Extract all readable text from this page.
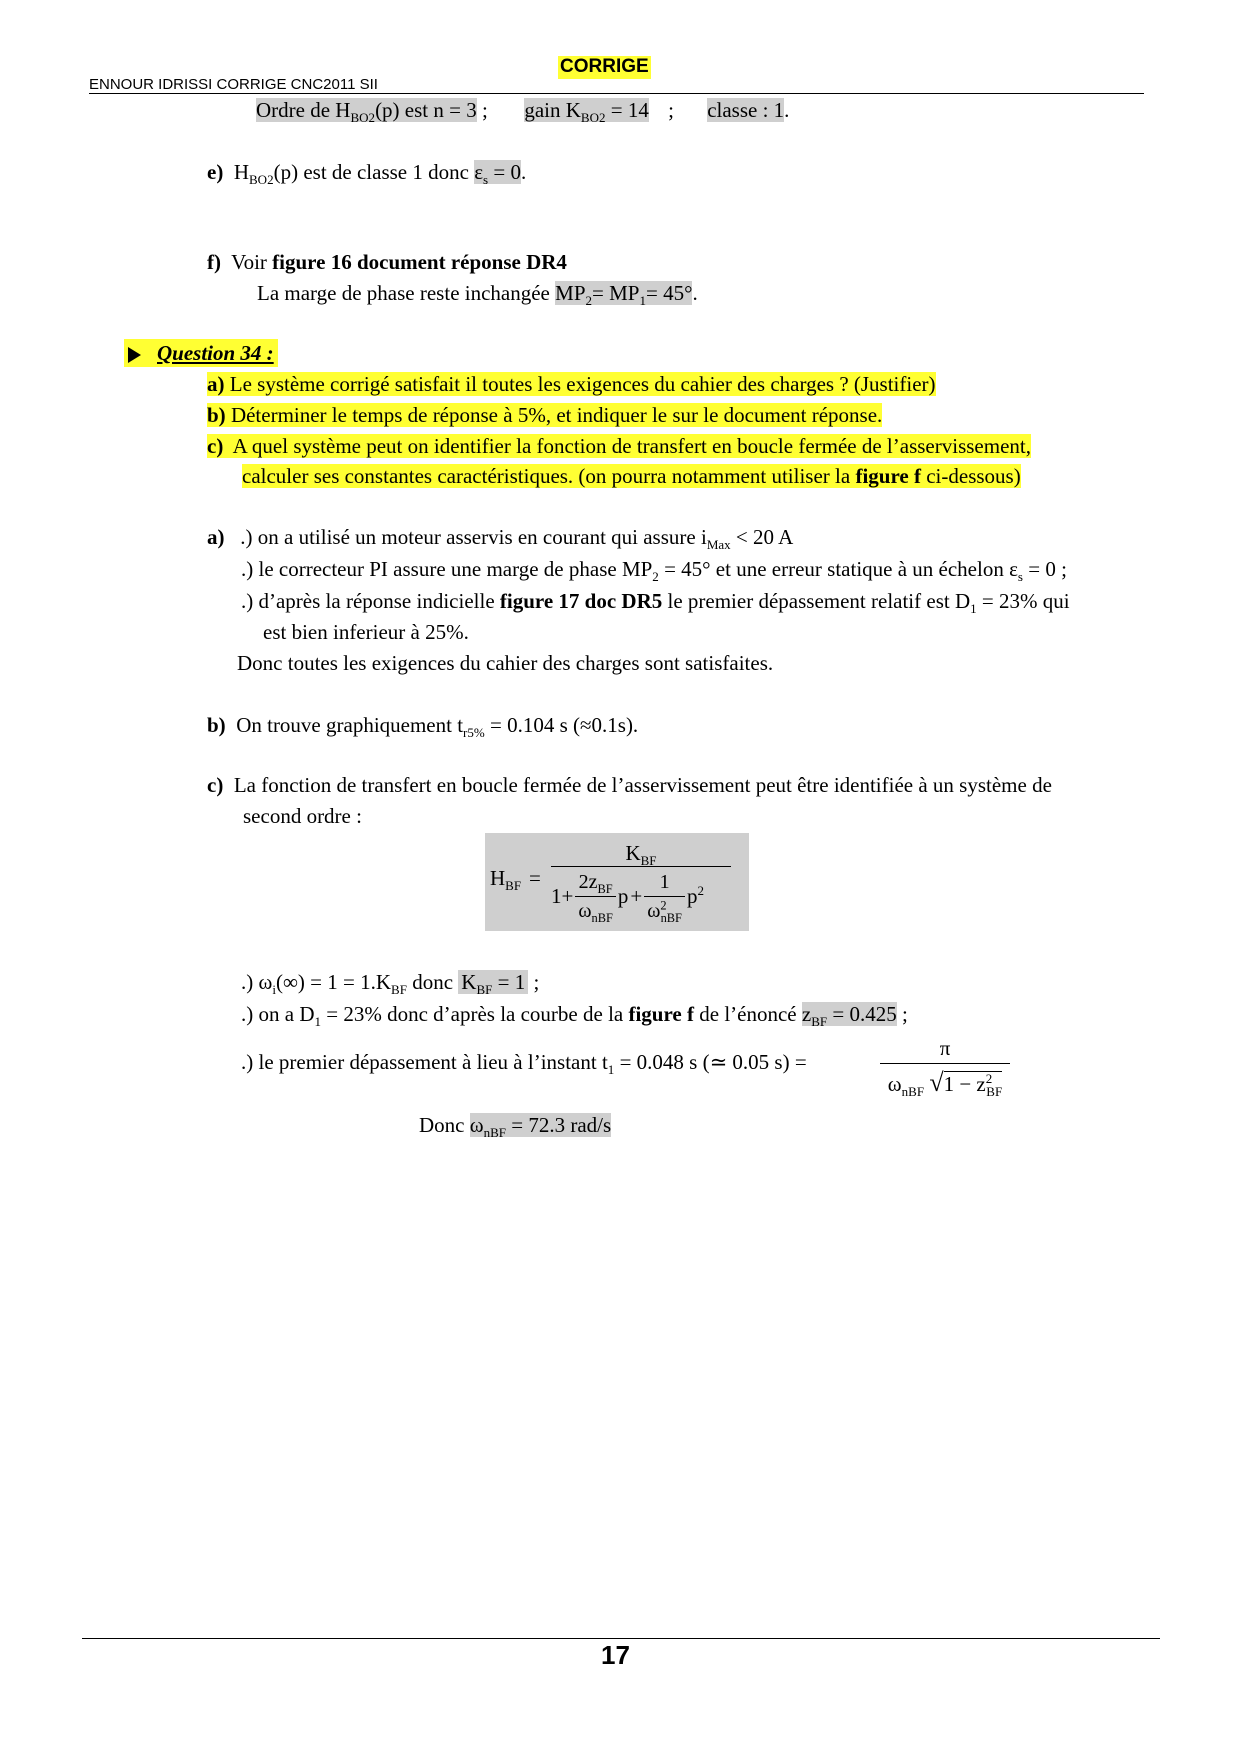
ENNOUR IDRISSI CORRIGE CNC2011 SII
CORRIGE
Ordre de $H_{BO2}(p)$ est n = 3 ; gain $K_{BO2} = 14$ ; classe : 1.
e) $H_{BO2}(p)$ est de classe 1 donc $\varepsilon_s = 0$.
f) Voir figure 16 document réponse DR4
La marge de phase reste inchangée $MP_2= MP_1= 45^\circ$.
Question 34 :
a) Le système corrigé satisfait il toutes les exigences du cahier des charges ? (Justifier)
b) Déterminer le temps de réponse à 5%, et indiquer le sur le document réponse.
c) A quel système peut on identifier la fonction de transfert en boucle fermée de l’asservissement,
calculer ses constantes caractéristiques. (on pourra notamment utiliser la figure f ci-dessous)
a) .) on a utilisé un moteur asservis en courant qui assure $i_{Max} < 20$ A
.) le correcteur PI assure une marge de phase $MP_2 = 45^\circ$ et une erreur statique à un échelon $\varepsilon_s = 0$ ;
.) d’après la réponse indicielle figure 17 doc DR5 le premier dépassement relatif est $D_1 = 23\%$ qui
est bien inferieur à 25%.
Donc toutes les exigences du cahier des charges sont satisfaites.
b) On trouve graphiquement $t_{r5\%} = 0.104$ s (≈0.1s).
c) La fonction de transfert en boucle fermée de l’asservissement peut être identifiée à un système de
second ordre :
$H_{BF}$ =
$K_{BF}$
$1+ \frac{2z_{BF}}{\omega_{nBF}}$ $p + \frac{1}{\omega^2_{nBF}} p^2$
.) $\omega_i(\infty) = 1 = 1.K_{BF}$ donc $K_{BF} = 1$ ;
.) on a $D_1 = 23\%$ donc d’après la courbe de la figure f de l’énoncé $z_{BF} = 0.425$ ;
.) le premier dépassement à lieu à l’instant $t_1 = 0.048$ s (≃ 0.05 s) =
π
$\omega_{nBF}$ $√1 - z^2_{BF}$
Donc $\omega_{nBF} = 72.3$ rad/s
17
